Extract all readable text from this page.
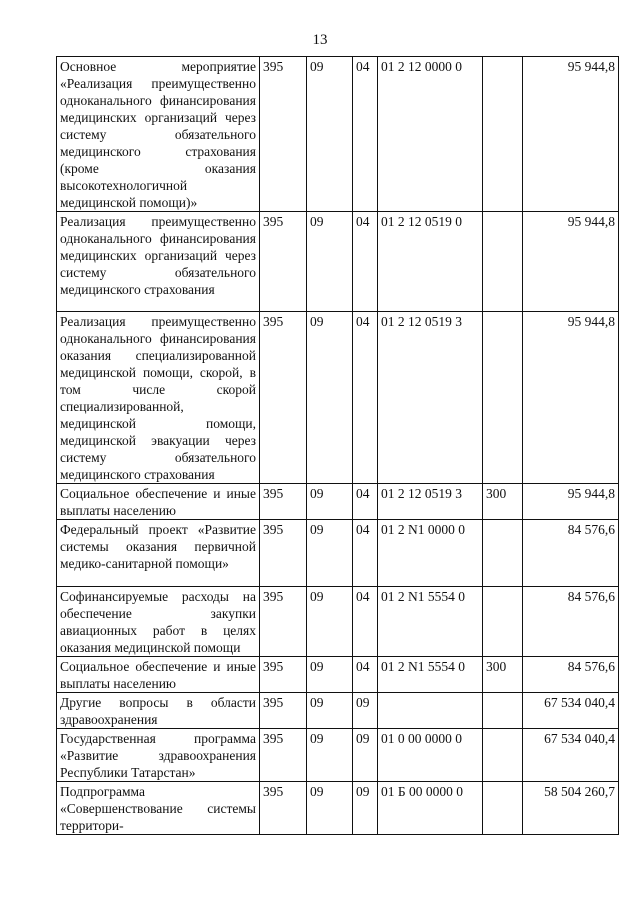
13
Основное мероприятие «Реализация преимущественно одноканального финансирования медицинских организаций через систему обязательного медицинского страхования (кроме оказания высокотехнологичной медицинской помощи)»	395	09	04	01 2 12 0000 0		95 944,8
Реализация преимущественно одноканального финансирования медицинских организаций через систему обязательного медицинского страхования	395	09	04	01 2 12 0519 0		95 944,8
Реализация преимущественно одноканального финансирования оказания специализированной медицинской помощи, скорой, в том числе скорой специализированной, медицинской помощи, медицинской эвакуации через систему обязательного медицинского страхования	395	09	04	01 2 12 0519 3		95 944,8
Социальное обеспечение и иные выплаты населению	395	09	04	01 2 12 0519 3	300	95 944,8
Федеральный проект «Развитие системы оказания первичной медико-санитарной помощи»	395	09	04	01 2 N1 0000 0		84 576,6
Софинансируемые расходы на обеспечение закупки авиационных работ в целях оказания медицинской помощи	395	09	04	01 2 N1 5554 0		84 576,6
Социальное обеспечение и иные выплаты населению	395	09	04	01 2 N1 5554 0	300	84 576,6
Другие вопросы в области здравоохранения	395	09	09			67 534 040,4
Государственная программа «Развитие здравоохранения Республики Татарстан»	395	09	09	01 0 00 0000 0		67 534 040,4
Подпрограмма «Совершенствование системы территори-	395	09	09	01 Б 00 0000 0		58 504 260,7
